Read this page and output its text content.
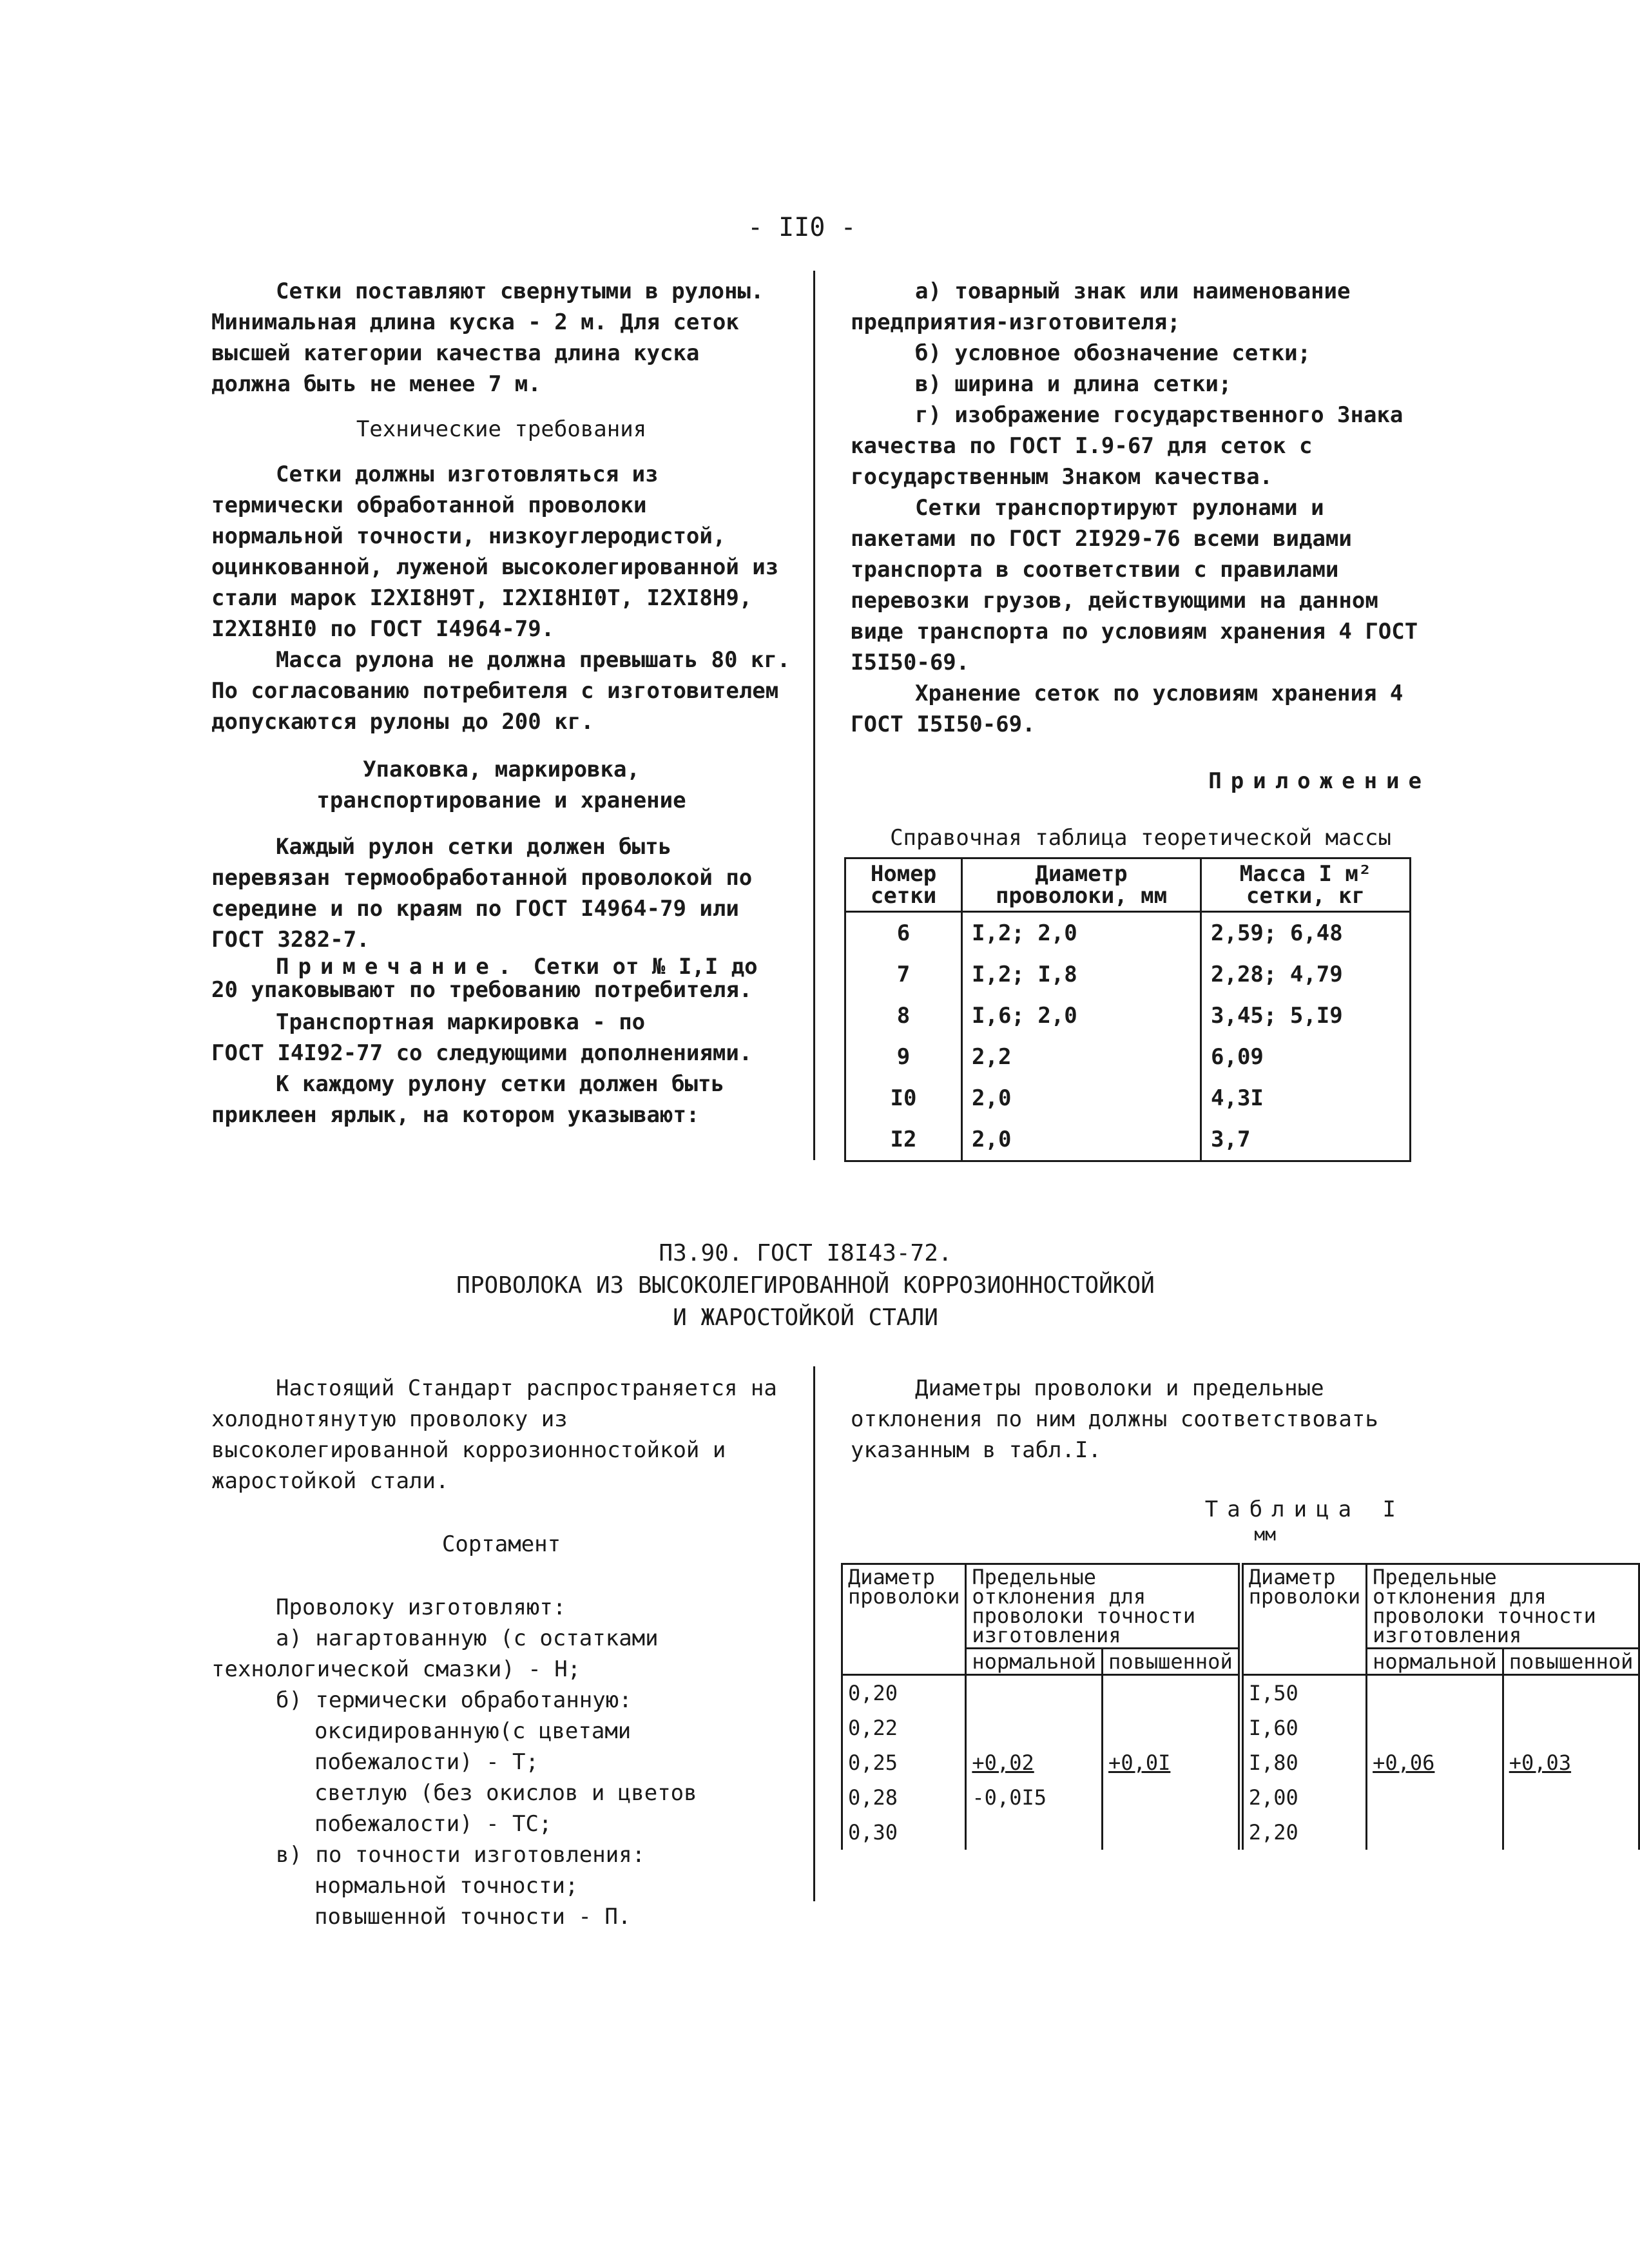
- II0 -

Сетки поставляют свернутыми в рулоны. Минимальная длина куска - 2 м. Для сеток высшей категории качества длина куска должна быть не менее 7 м.

Технические требования

Сетки должны изготовляться из термически обработанной проволоки нормальной точности, низкоуглеродистой, оцинкованной, луженой высоколегированной из стали марок I2XI8H9T, I2XI8HI0T, I2XI8H9, I2XI8HI0 по ГОСТ I4964-79.

Масса рулона не должна превышать 80 кг. По согласованию потребителя с изготовителем допускаются рулоны до 200 кг.

Упаковка, маркировка,

транспортирование и хранение

Каждый рулон сетки должен быть перевязан термообработанной проволокой по середине и по краям по ГОСТ I4964-79 или ГОСТ 3282-7.

Примечание. Сетки от № I,I до 20 упаковывают по требованию потребителя.

Транспортная маркировка - по

ГОСТ I4I92-77 со следующими дополнениями.

К каждому рулону сетки должен быть приклеен ярлык, на котором указывают:

а) товарный знак или наименование предприятия-изготовителя;

б) условное обозначение сетки;

в) ширина и длина сетки;

г) изображение государственного Знака качества по ГОСТ I.9-67 для сеток с государственным Знаком качества.

Сетки транспортируют рулонами и пакетами по ГОСТ 2I929-76 всеми видами транспорта в соответствии с правилами перевозки грузов, действующими на данном виде транспорта по условиям хранения 4 ГОСТ I5I50-69.

Хранение сеток по условиям хранения 4 ГОСТ I5I50-69.

Приложение

Справочная таблица теоретической массы

Номер сетки	Диаметр проволоки, мм	Масса I м² сетки, кг
6	I,2; 2,0	2,59; 6,48
7	I,2; I,8	2,28; 4,79
8	I,6; 2,0	3,45; 5,I9
9	2,2	6,09
I0	2,0	4,3I
I2	2,0	3,7
П3.90. ГОСТ I8I43-72.
ПРОВОЛОКА ИЗ ВЫСОКОЛЕГИРОВАННОЙ КОРРОЗИОННОСТОЙКОЙ
И ЖАРОСТОЙКОЙ СТАЛИ

Настоящий Стандарт распространяется на холоднотянутую проволоку из высоколегированной коррозионностойкой и жаростойкой стали.

Сортамент

Проволоку изготовляют:

а) нагартованную (с остатками технологической смазки) - Н;

б) термически обработанную:

оксидированную(с цветами побежалости) - Т;

светлую (без окислов и цветов побежалости) - ТС;

в) по точности изготовления:

нормальной точности;

повышенной точности - П.

Диаметры проволоки и предельные отклонения по ним должны соответствовать указанным в табл.I.

Таблица I

мм

Диаметр проволоки	Предельные отклонения для проволоки точности изготовления		Диаметр проволоки	Предельные отклонения для проволоки точности изготовления	
	нормальной	повышенной		нормальной	повышенной
0,20			I,50		
0,22			I,60		
0,25	+0,02	+0,0I	I,80	+0,06	+0,03
0,28	-0,0I5		2,00		
0,30			2,20		
